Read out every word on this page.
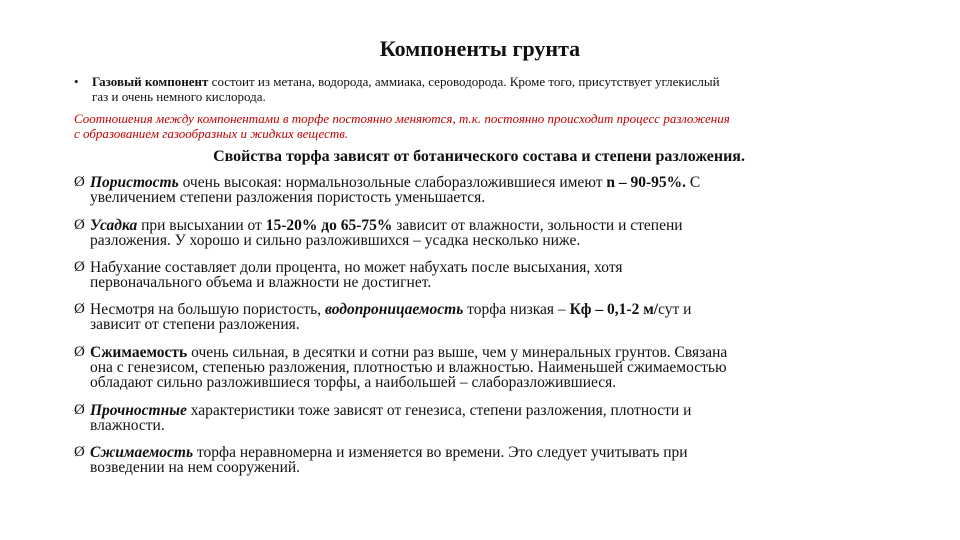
Компоненты грунта
•	Газовый компонент состоит из метана, водорода, аммиака, сероводорода. Кроме того, присутствует углекислый
газ и очень немного кислорода.
Соотношения между компонентами в торфе постоянно меняются, т.к. постоянно происходит процесс разложения
с образованием газообразных и жидких веществ.
Свойства торфа зависят от ботанического состава и степени разложения.
Ø Пористость очень высокая: нормальнозольные слаборазложившиеся имеют n – 90-95%. С
увеличением степени разложения пористость уменьшается.
Ø Усадка при высыхании от 15-20% до 65-75% зависит от влажности, зольности и степени
разложения. У хорошо и сильно разложившихся – усадка несколько ниже.
Ø Набухание составляет доли процента, но может набухать после высыхания, хотя
первоначального объема и влажности не достигнет.
Ø Несмотря на большую пористость, водопроницаемость торфа низкая – Кф – 0,1-2 м/сут и
зависит от степени разложения.
Ø Сжимаемость очень сильная, в десятки и сотни раз выше, чем у минеральных грунтов. Связана
она с генезисом, степенью разложения, плотностью и влажностью. Наименьшей сжимаемостью
обладают сильно разложившиеся торфы, а наибольшей – слаборазложившиеся.
Ø Прочностные характеристики тоже зависят от генезиса, степени разложения, плотности и
влажности.
Ø Сжимаемость торфа неравномерна и изменяется во времени. Это следует учитывать при
возведении на нем сооружений.
